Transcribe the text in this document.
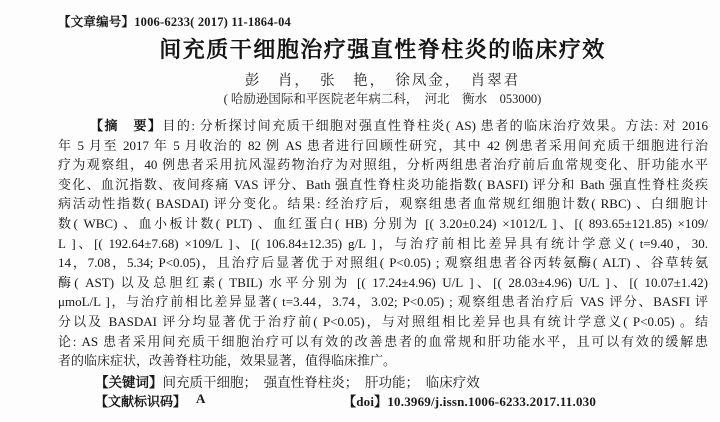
【文章编号】1006-6233( 2017) 11-1864-04
间充质干细胞治疗强直性脊柱炎的临床疗效
彭　肖，　张　艳，　徐凤金，　肖翠君
( 哈励逊国际和平医院老年病二科，　河北　衡水　053000)
【摘　要】目的: 分析探讨间充质干细胞对强直性脊柱炎( AS) 患者的临床治疗效果。方法: 对 2016
年 5 月至 2017 年 5 月收治的 82 例 AS 患者进行回顾性研究，其中 42 例患者采用间充质干细胞进行治
疗为观察组，40 例患者采用抗风湿药物治疗为对照组，分析两组患者治疗前后血常规变化、肝功能水平
变化、血沉指数、夜间疼痛 VAS 评分、Bath 强直性脊柱炎功能指数( BASFI) 评分和 Bath 强直性脊柱炎疾
病活动性指数( BASDAI) 评分变化。结果: 经治疗后，观察组患者血常规红细胞计数( RBC) 、白细胞计
数( WBC) 、血小板计数( PLT) 、血红蛋白( HB) 分别为 [( 3.20±0.24) ×1012/L ]、[( 893.65±121.85) ×109/
L ]、[( 192.64±7.68) ×109/L ]、[( 106.84±12.35) g/L ]，与治疗前相比差异具有统计学意义( t=9.40，30.
14，7.08，5.34; P<0.05)，且治疗后显著优于对照组( P<0.05) ; 观察组患者谷丙转氨酶( ALT) 、谷草转氨
酶( AST) 以及总胆红素( TBIL) 水平分别为 [( 17.24±4.96) U/L ]、[( 28.03±4.96) U/L ]、[( 10.07±1.42)
μmoL/L ]，与治疗前相比差异显著( t=3.44，3.74，3.02; P<0.05) ; 观察组患者治疗后 VAS 评分、BASFI 评
分以及 BASDAI 评分均显著优于治疗前( P<0.05)，与对照组相比差异也具有统计学意义( P<0.05) 。结
论: AS 患者采用间充质干细胞治疗可以有效的改善患者的血常规和肝功能水平，且可以有效的缓解患
者的临床症状，改善脊柱功能，效果显著，值得临床推广。
【关键词】间充质干细胞；　强直性脊柱炎；　肝功能；　临床疗效
【文献标识码】 A	【doi】10.3969/j.issn.1006-6233.2017.11.030
